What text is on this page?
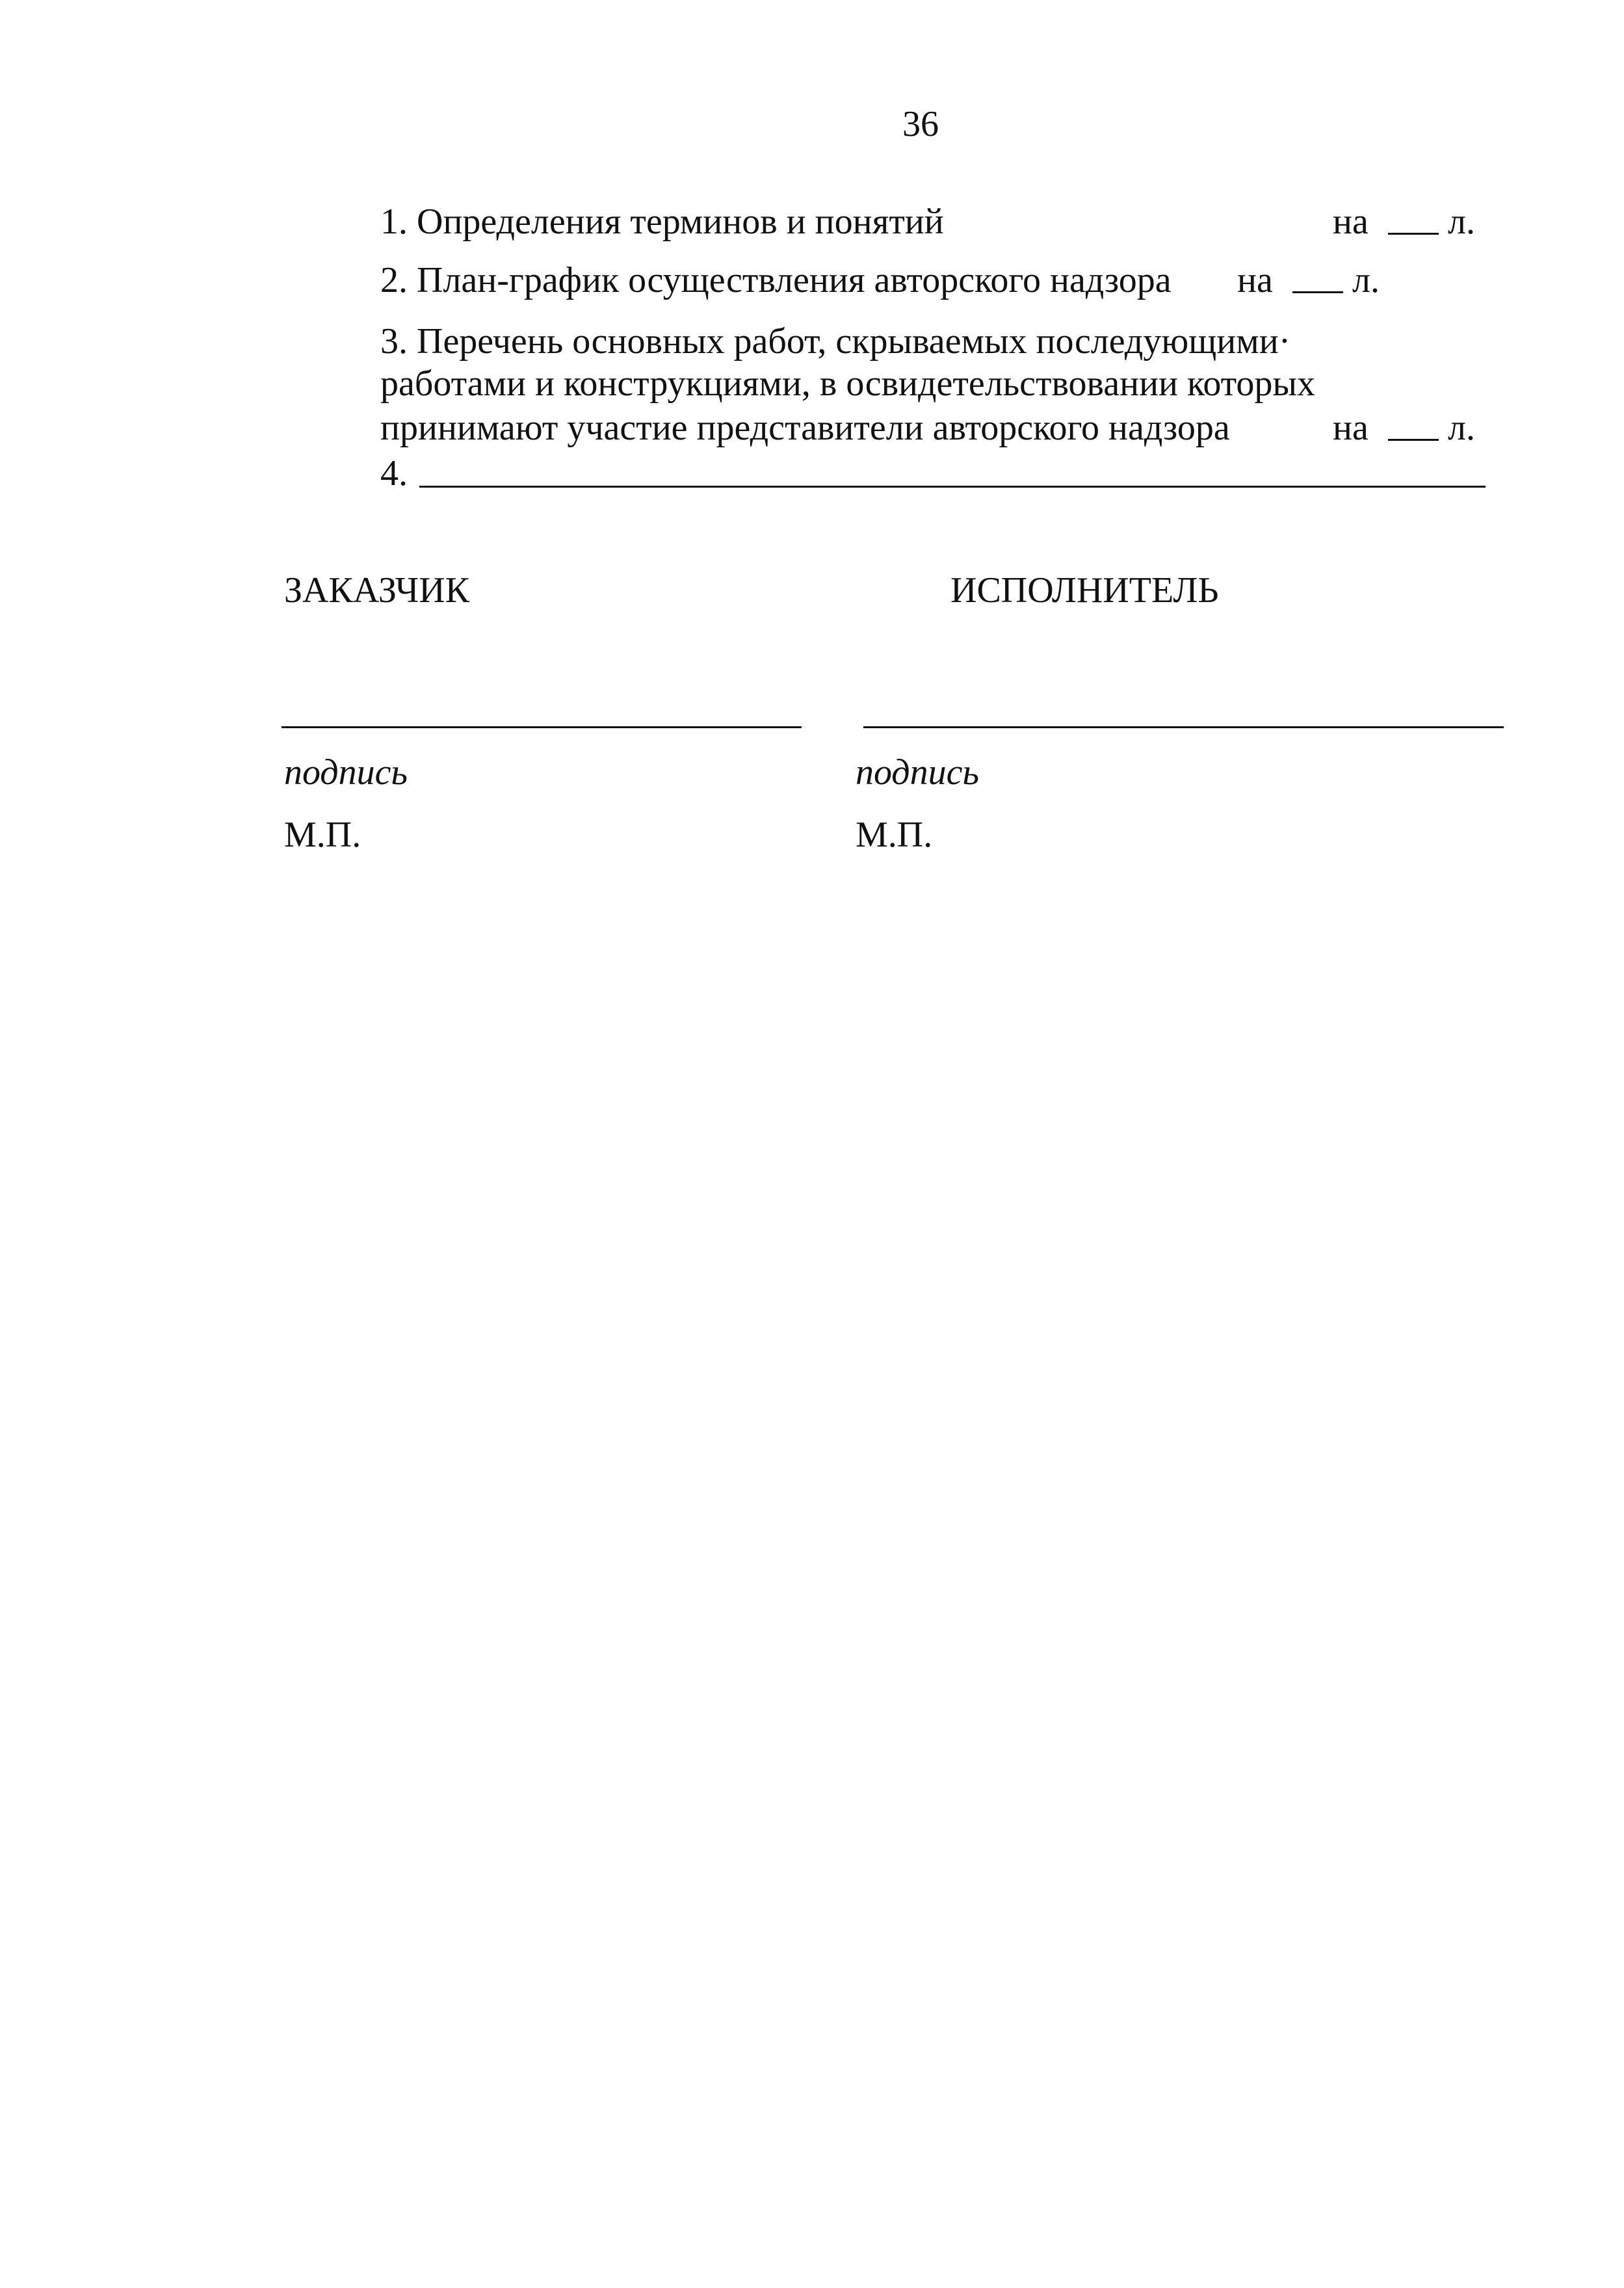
36
1. Определения терминов и понятий	на л.
2. План-график осуществления авторского надзора на л.
3. Перечень основных работ, скрываемых последующими·
работами и конструкциями, в освидетельствовании которых
принимают участие представители авторского надзора	на л.
4.
ЗАКАЗЧИК
подпись
М.П.
ИСПОЛНИТЕЛЬ
подпись
М.П.
